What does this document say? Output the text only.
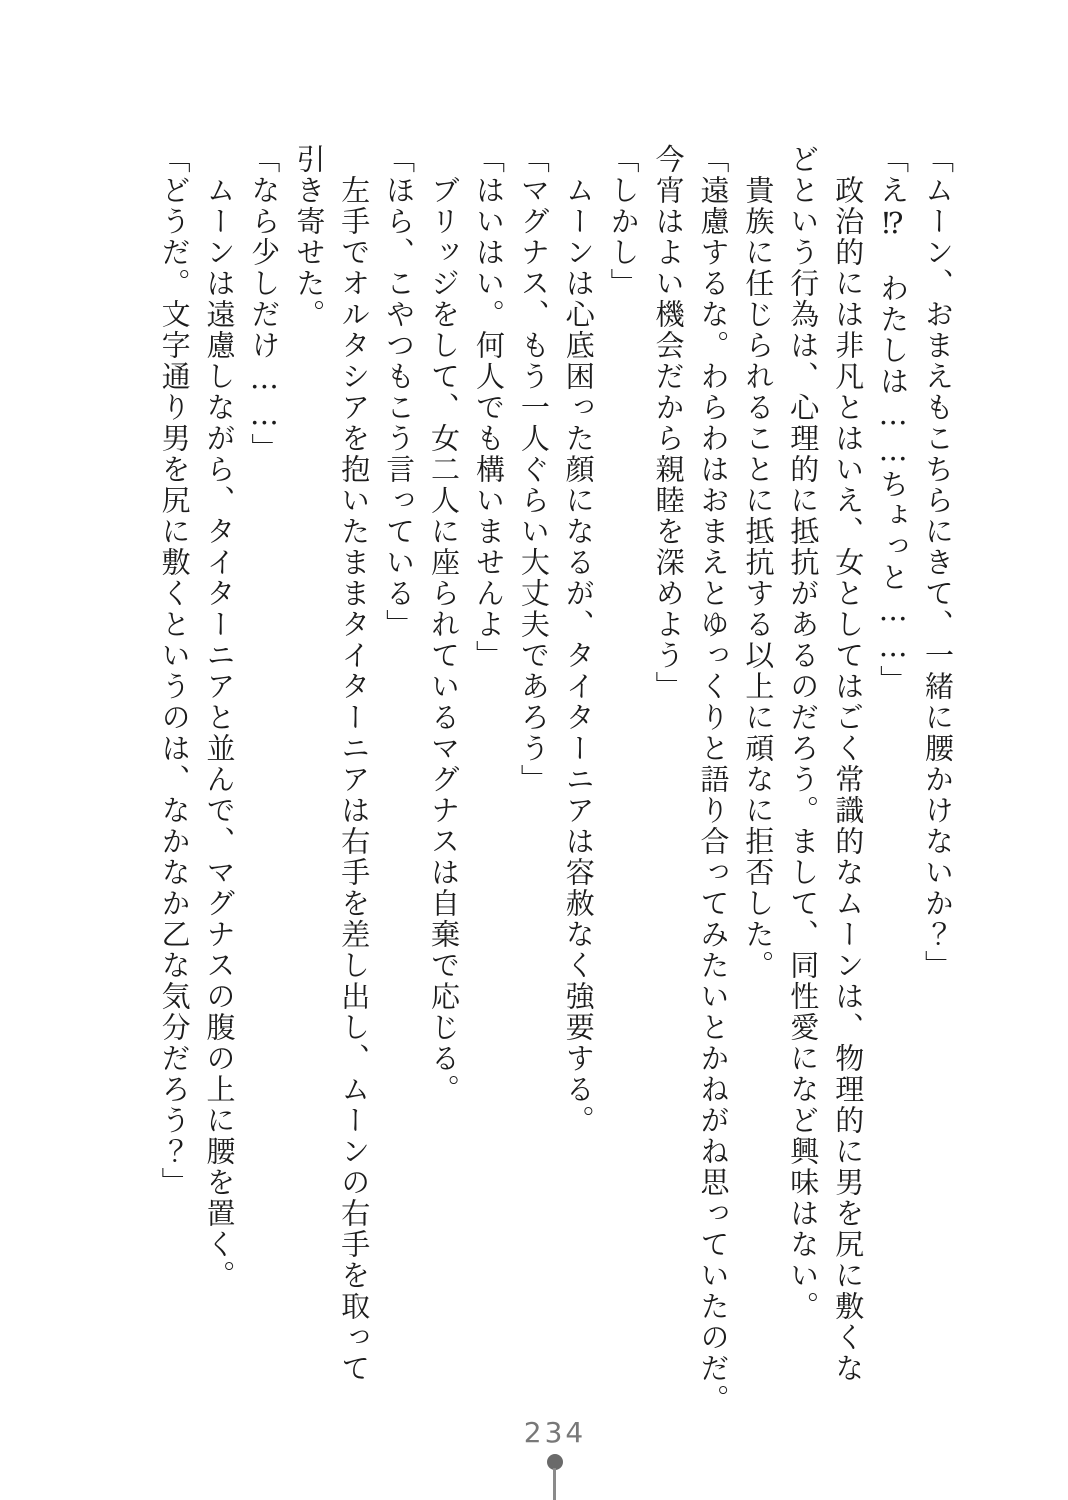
「ムーン、おまえもこちらにきて、一緒に腰かけないか？」
「え⁉　わたしは……ちょっと……」
政治的には非凡とはいえ、女としてはごく常識的なムーンは、物理的に男を尻に敷くな
どという行為は、心理的に抵抗があるのだろう。まして、同性愛になど興味はない。
貴族に任じられることに抵抗する以上に頑なに拒否した。
「遠慮するな。わらわはおまえとゆっくりと語り合ってみたいとかねがね思っていたのだ。
今宵はよい機会だから親睦を深めよう」
「しかし」
ムーンは心底困った顔になるが、タイターニアは容赦なく強要する。
「マグナス、もう一人ぐらい大丈夫であろう」
「はいはい。何人でも構いませんよ」
ブリッジをして、女二人に座られているマグナスは自棄で応じる。
「ほら、こやつもこう言っている」
左手でオルタシアを抱いたままタイターニアは右手を差し出し、ムーンの右手を取って
引き寄せた。
「なら少しだけ……」
ムーンは遠慮しながら、タイターニアと並んで、マグナスの腹の上に腰を置く。
「どうだ。文字通り男を尻に敷くというのは、なかなか乙な気分だろう？」
234
